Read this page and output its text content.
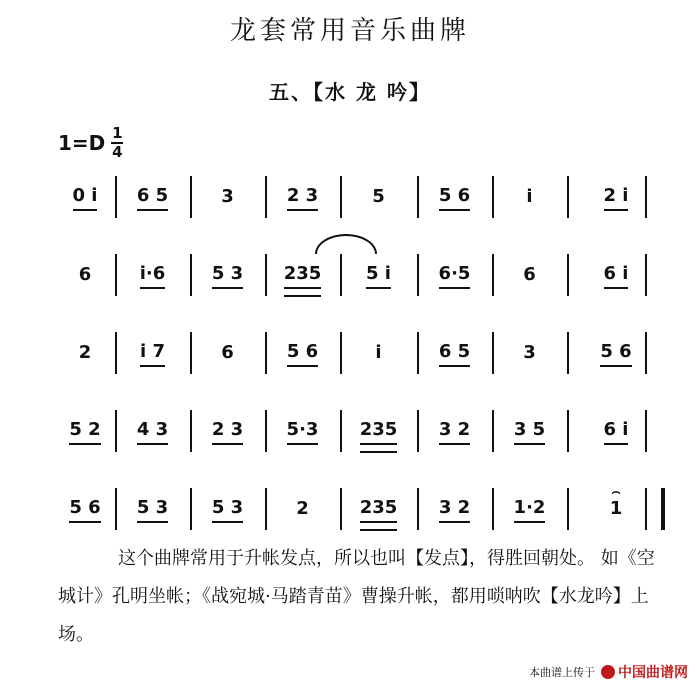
龙套常用音乐曲牌
五、【水 龙 吟】
1=D 1
4
0 i 6 5	3	2 3	5	5 6	i	2 i
6	i·6	5 3 235 5 i	6·5	6	6 i
2	i 7	6	5 6	i	6 5	3	5 6
5 2 4 3 2 3 5·3 235 3 2 3 5	6 i
5 6 5 3 5 3	2	235 3 2 1·2	1
⌢
这个曲牌常用于升帐发点，所以也叫【发点】，得胜回朝处。 如《空城计》孔明坐帐；《战宛城·马踏青苗》曹操升帐，都用唢呐吹【水龙吟】上场。
本曲谱上传于 中国曲谱网
